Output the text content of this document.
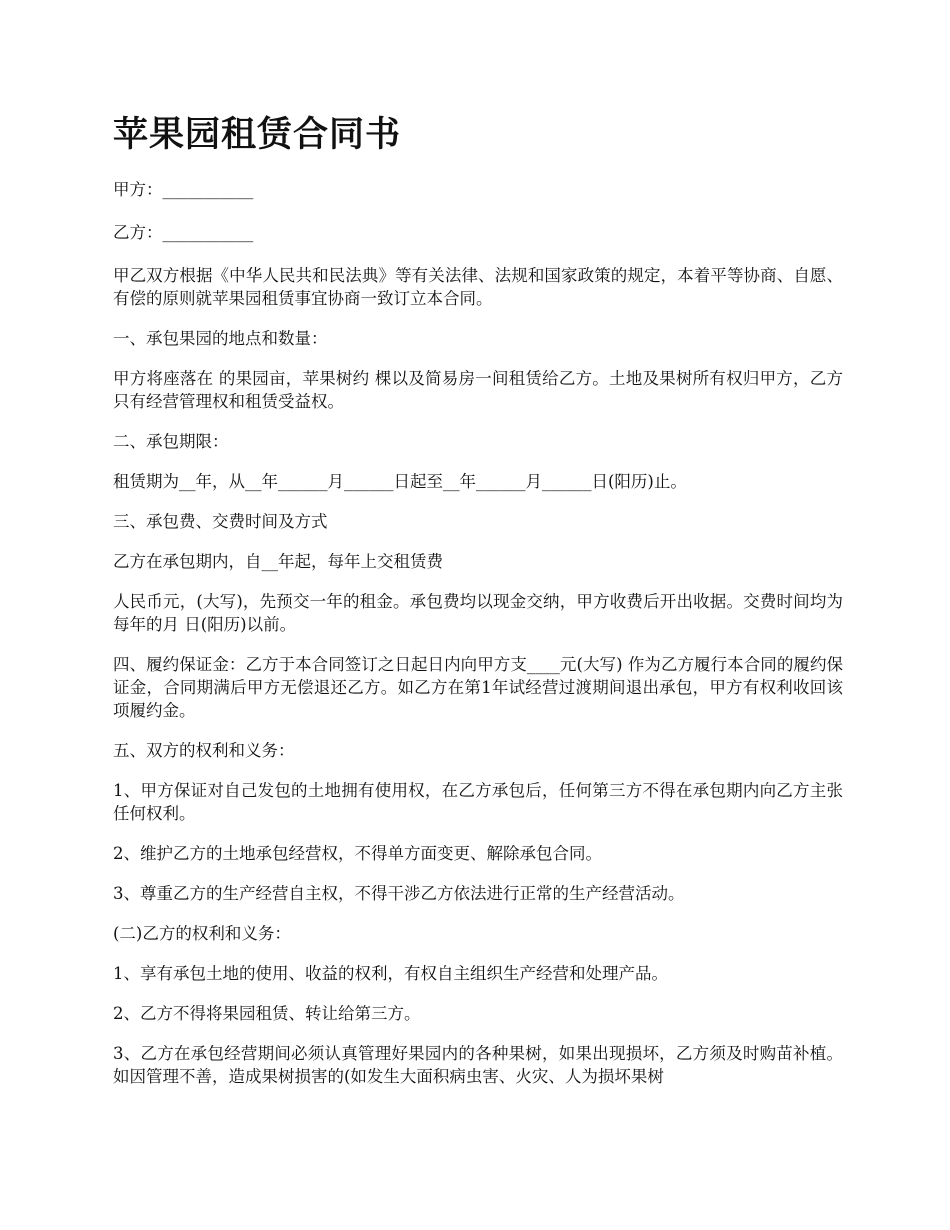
苹果园租赁合同书

甲方：___________

乙方：___________

甲乙双方根据《中华人民共和民法典》等有关法律、法规和国家政策的规定，本着平等协商、自愿、有偿的原则就苹果园租赁事宜协商一致订立本合同。

一、承包果园的地点和数量：

甲方将座落在 的果园亩，苹果树约 棵以及简易房一间租赁给乙方。土地及果树所有权归甲方，乙方只有经营管理权和租赁受益权。

二、承包期限：

租赁期为__年，从__年______月______日起至__年______月______日(阳历)止。

三、承包费、交费时间及方式

乙方在承包期内，自__年起，每年上交租赁费

人民币元，(大写)，先预交一年的租金。承包费均以现金交纳，甲方收费后开出收据。交费时间均为每年的月 日(阳历)以前。

四、履约保证金：乙方于本合同签订之日起日内向甲方支____元(大写) 作为乙方履行本合同的履约保证金，合同期满后甲方无偿退还乙方。如乙方在第1年试经营过渡期间退出承包，甲方有权利收回该项履约金。

五、双方的权利和义务：

1、甲方保证对自己发包的土地拥有使用权，在乙方承包后，任何第三方不得在承包期内向乙方主张任何权利。

2、维护乙方的土地承包经营权，不得单方面变更、解除承包合同。

3、尊重乙方的生产经营自主权，不得干涉乙方依法进行正常的生产经营活动。

(二)乙方的权利和义务：

1、享有承包土地的使用、收益的权利，有权自主组织生产经营和处理产品。

2、乙方不得将果园租赁、转让给第三方。

3、乙方在承包经营期间必须认真管理好果园内的各种果树，如果出现损坏，乙方须及时购苗补植。如因管理不善，造成果树损害的(如发生大面积病虫害、火灾、人为损坏果树
